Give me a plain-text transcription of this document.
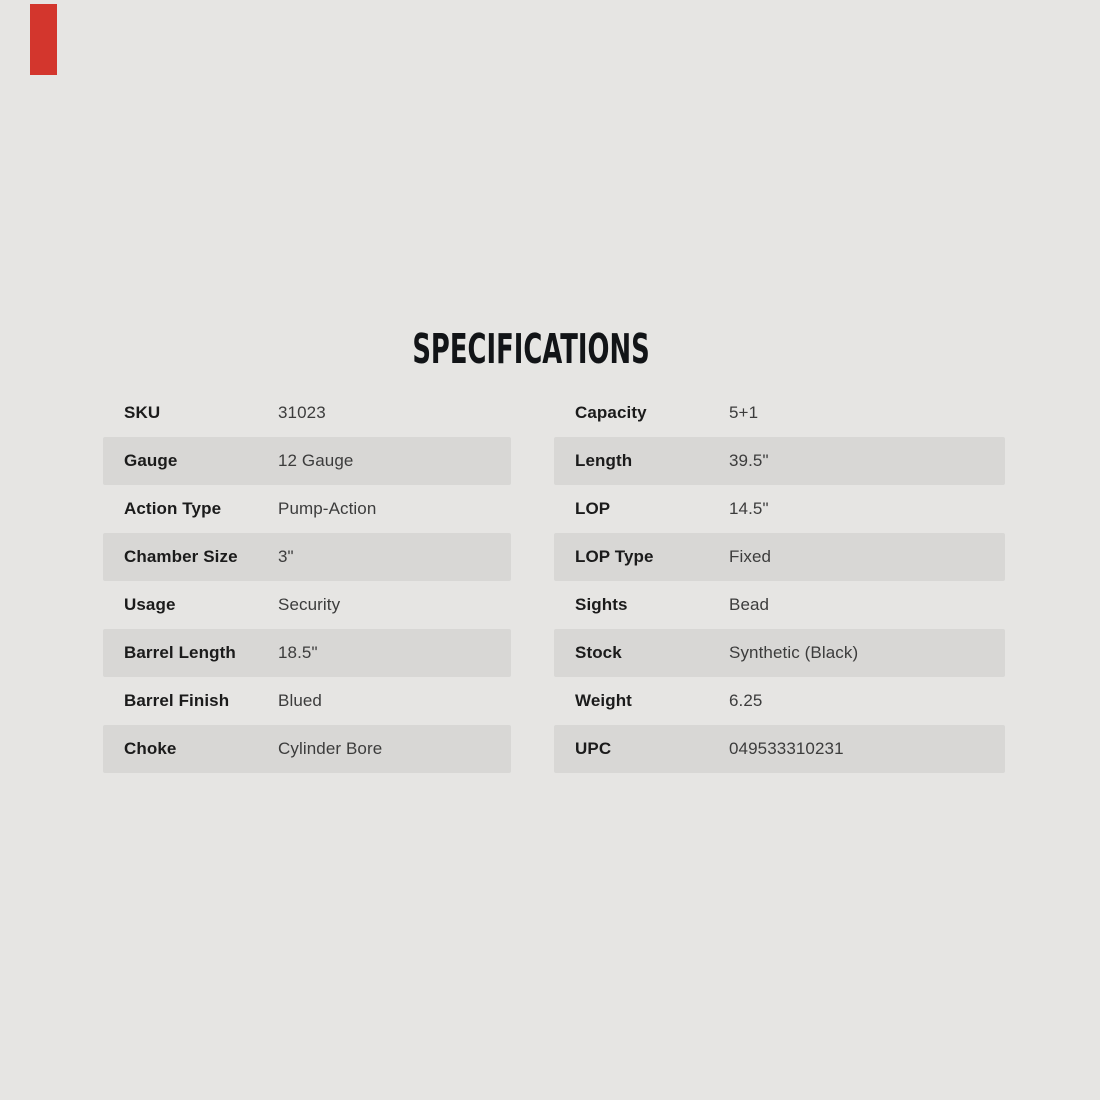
SPECIFICATIONS
SKU	31023
Gauge	12 Gauge
Action Type	Pump-Action
Chamber Size	3"
Usage	Security
Barrel Length	18.5"
Barrel Finish	Blued
Choke	Cylinder Bore
Capacity	5+1
Length	39.5"
LOP	14.5"
LOP Type	Fixed
Sights	Bead
Stock	Synthetic (Black)
Weight	6.25
UPC	049533310231
